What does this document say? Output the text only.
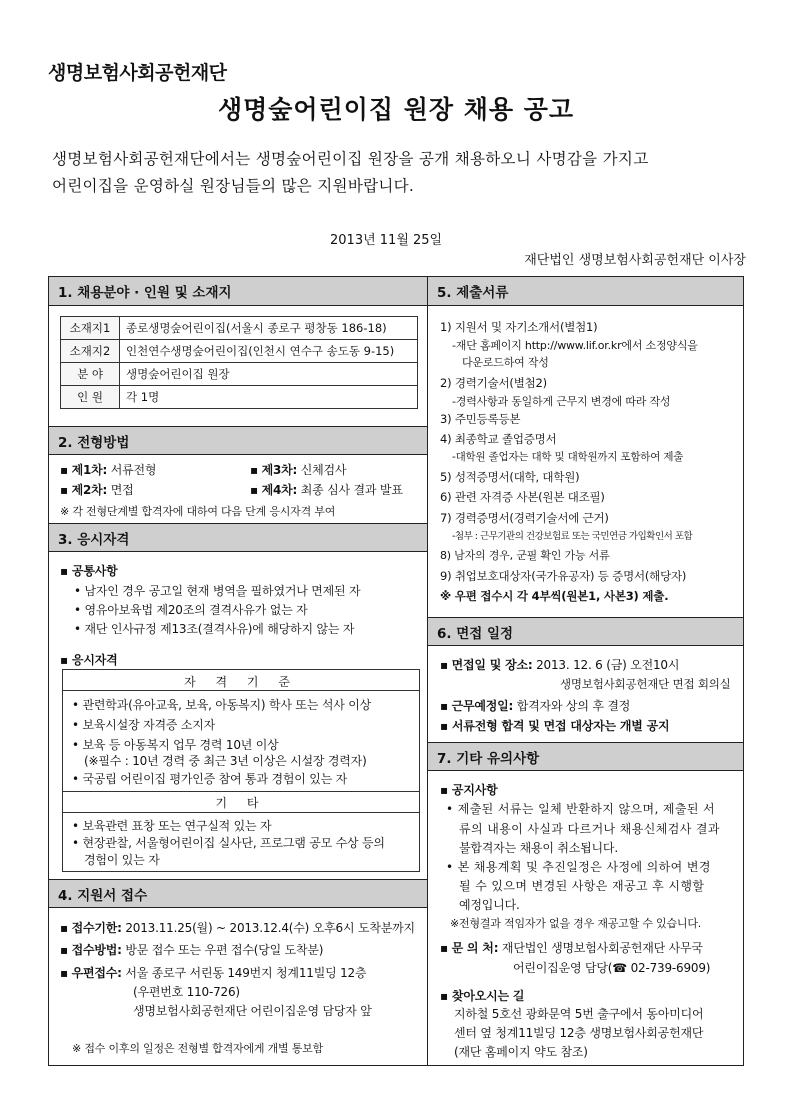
생명보험사회공헌재단
생명숲어린이집 원장 채용 공고
생명보험사회공헌재단에서는 생명숲어린이집 원장을 공개 채용하오니 사명감을 가지고
어린이집을 운영하실 원장님들의 많은 지원바랍니다.
2013년 11월 25일
재단법인 생명보험사회공헌재단 이사장
1. 채용분야 · 인원 및 소재지
소재지1	종로생명숲어린이집(서울시 종로구 평창동 186-18)
소재지2	인천연수생명숲어린이집(인천시 연수구 송도동 9-15)
분 야	생명숲어린이집 원장
인 원	각 1명
2. 전형방법
▪ 제1차: 서류전형	▪ 제3차: 신체검사
▪ 제2차: 면접	▪ 제4차: 최종 심사 결과 발표
※ 각 전형단계별 합격자에 대하여 다음 단계 응시자격 부여
3. 응시자격
▪ 공통사항
• 남자인 경우 공고일 현재 병역을 필하였거나 면제된 자
• 영유아보육법 제20조의 결격사유가 없는 자
• 재단 인사규정 제13조(결격사유)에 해당하지 않는 자
▪ 응시자격
자 격 기 준
• 관련학과(유아교육, 보육, 아동복지) 학사 또는 석사 이상
• 보육시설장 자격증 소지자
• 보육 등 아동복지 업무 경력 10년 이상
(※필수 : 10년 경력 중 최근 3년 이상은 시설장 경력자)
• 국공립 어린이집 평가인증 참여 통과 경험이 있는 자
기 타
• 보육관련 표창 또는 연구실적 있는 자
• 현장관찰, 서울형어린이집 실사단, 프로그램 공모 수상 등의
경험이 있는 자
4. 지원서 접수
▪ 접수기한: 2013.11.25(월) ~ 2013.12.4(수) 오후6시 도착분까지
▪ 접수방법: 방문 접수 또는 우편 접수(당일 도착분)
▪ 우편접수: 서울 종로구 서린동 149번지 청계11빌딩 12층
(우편번호 110-726)
생명보험사회공헌재단 어린이집운영 담당자 앞
※ 접수 이후의 일정은 전형별 합격자에게 개별 통보함
5. 제출서류
1) 지원서 및 자기소개서(별첨1)
-재단 홈페이지 http://www.lif.or.kr에서 소정양식을
다운로드하여 작성
2) 경력기술서(별첨2)
-경력사항과 동일하게 근무지 변경에 따라 작성
3) 주민등록등본
4) 최종학교 졸업증명서
-대학원 졸업자는 대학 및 대학원까지 포함하여 제출
5) 성적증명서(대학, 대학원)
6) 관련 자격증 사본(원본 대조필)
7) 경력증명서(경력기술서에 근거)
-첨부 : 근무기관의 건강보험료 또는 국민연금 가입확인서 포함
8) 남자의 경우, 군필 확인 가능 서류
9) 취업보호대상자(국가유공자) 등 증명서(해당자)
※ 우편 접수시 각 4부씩(원본1, 사본3) 제출.
6. 면접 일정
▪ 면접일 및 장소: 2013. 12. 6 (금) 오전10시
생명보험사회공헌재단 면접 회의실
▪ 근무예정일: 합격자와 상의 후 결정
▪ 서류전형 합격 및 면접 대상자는 개별 공지
7. 기타 유의사항
▪ 공지사항
• 제출된 서류는 일체 반환하지 않으며, 제출된 서
류의 내용이 사실과 다르거나 채용신체검사 결과
불합격자는 채용이 취소됩니다.
• 본 채용계획 및 추진일정은 사정에 의하여 변경
될 수 있으며 변경된 사항은 재공고 후 시행할
예정입니다.
※전형결과 적임자가 없을 경우 재공고할 수 있습니다.
▪ 문 의 처: 재단법인 생명보험사회공헌재단 사무국
어린이집운영 담당(☎ 02-739-6909)
▪ 찾아오시는 길
지하철 5호선 광화문역 5번 출구에서 동아미디어
센터 옆 청계11빌딩 12층 생명보험사회공헌재단
(재단 홈페이지 약도 참조)
